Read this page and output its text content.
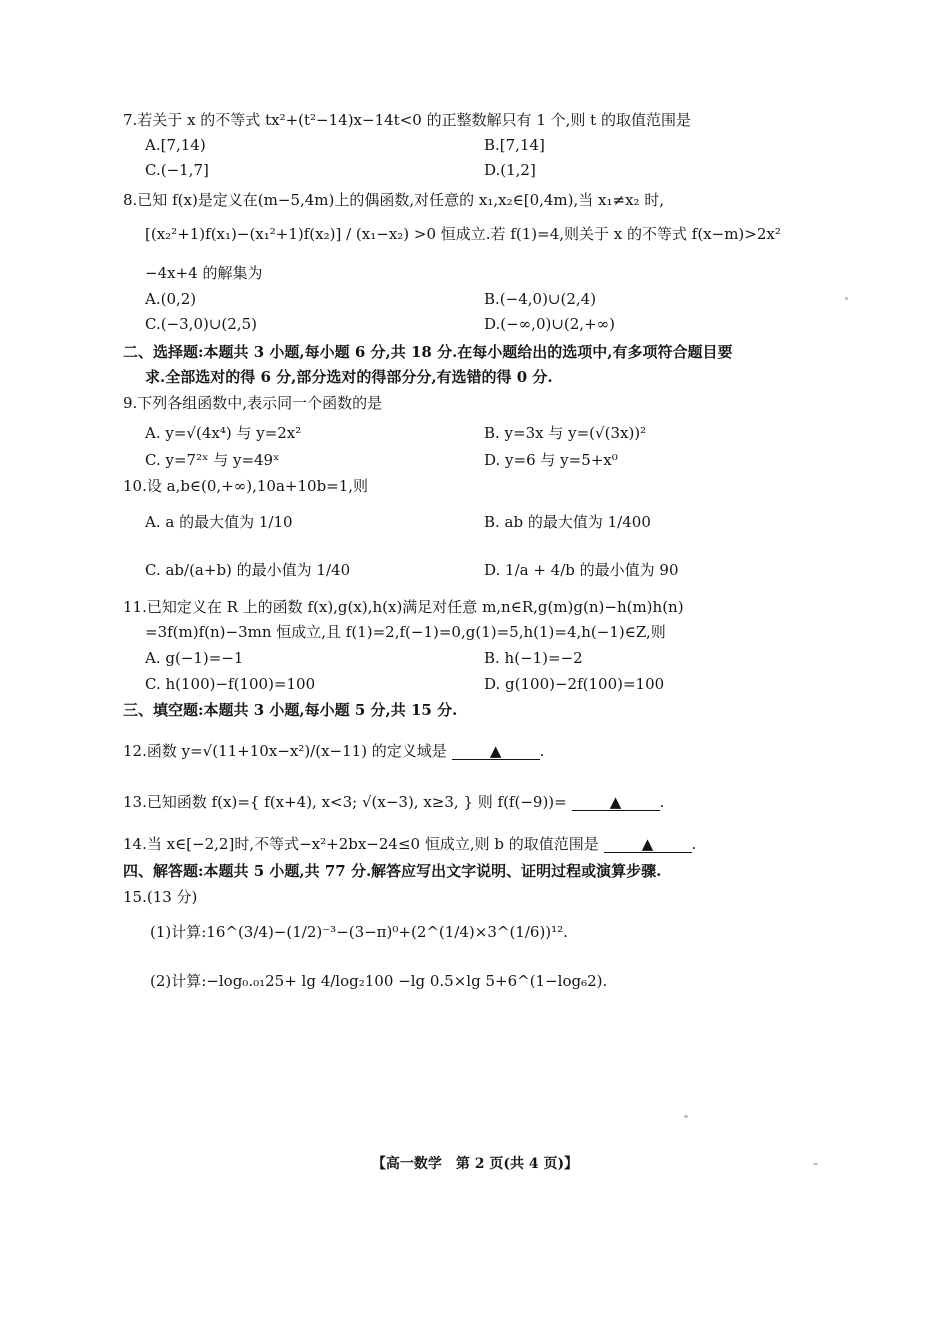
7.若关于 x 的不等式 tx²+(t²−14)x−14t<0 的正整数解只有 1 个,则 t 的取值范围是
A.[7,14)	B.[7,14]
C.(−1,7]	D.(1,2]
8.已知 f(x)是定义在(m−5,4m)上的偶函数,对任意的 x₁,x₂∈[0,4m),当 x₁≠x₂ 时,
[(x₂²+1)f(x₁)−(x₁²+1)f(x₂)] / (x₁−x₂) >0 恒成立.若 f(1)=4,则关于 x 的不等式 f(x−m)>2x²
−4x+4 的解集为
A.(0,2)	B.(−4,0)∪(2,4)
C.(−3,0)∪(2,5)	D.(−∞,0)∪(2,+∞)
二、选择题:本题共 3 小题,每小题 6 分,共 18 分.在每小题给出的选项中,有多项符合题目要
求.全部选对的得 6 分,部分选对的得部分分,有选错的得 0 分.
9.下列各组函数中,表示同一个函数的是
A. y=√(4x⁴) 与 y=2x²	B. y=3x 与 y=(√(3x))²
C. y=7²ˣ 与 y=49ˣ	D. y=6 与 y=5+x⁰
10.设 a,b∈(0,+∞),10a+10b=1,则
A. a 的最大值为 1/10	B. ab 的最大值为 1/400
C. ab/(a+b) 的最小值为 1/40	D. 1/a + 4/b 的最小值为 90
11.已知定义在 R 上的函数 f(x),g(x),h(x)满足对任意 m,n∈R,g(m)g(n)−h(m)h(n)
=3f(m)f(n)−3mn 恒成立,且 f(1)=2,f(−1)=0,g(1)=5,h(1)=4,h(−1)∈Z,则
A. g(−1)=−1	B. h(−1)=−2
C. h(100)−f(100)=100	D. g(100)−2f(100)=100
三、填空题:本题共 3 小题,每小题 5 分,共 15 分.
12.函数 y=√(11+10x−x²)/(x−11) 的定义域是	▲	.
13.已知函数 f(x)={ f(x+4), x<3; √(x−3), x≥3, } 则 f(f(−9))=	▲	.
14.当 x∈[−2,2]时,不等式−x²+2bx−24≤0 恒成立,则 b 的取值范围是	▲	.
四、解答题:本题共 5 小题,共 77 分.解答应写出文字说明、证明过程或演算步骤.
15.(13 分)
(1)计算:16^(3/4)−(1/2)⁻³−(3−π)⁰+(2^(1/4)×3^(1/6))¹².
(2)计算:−log₀.₀₁25+ lg 4/log₂100 −lg 0.5×lg 5+6^(1−log₆2).
【高一数学　第 2 页(共 4 页)】
